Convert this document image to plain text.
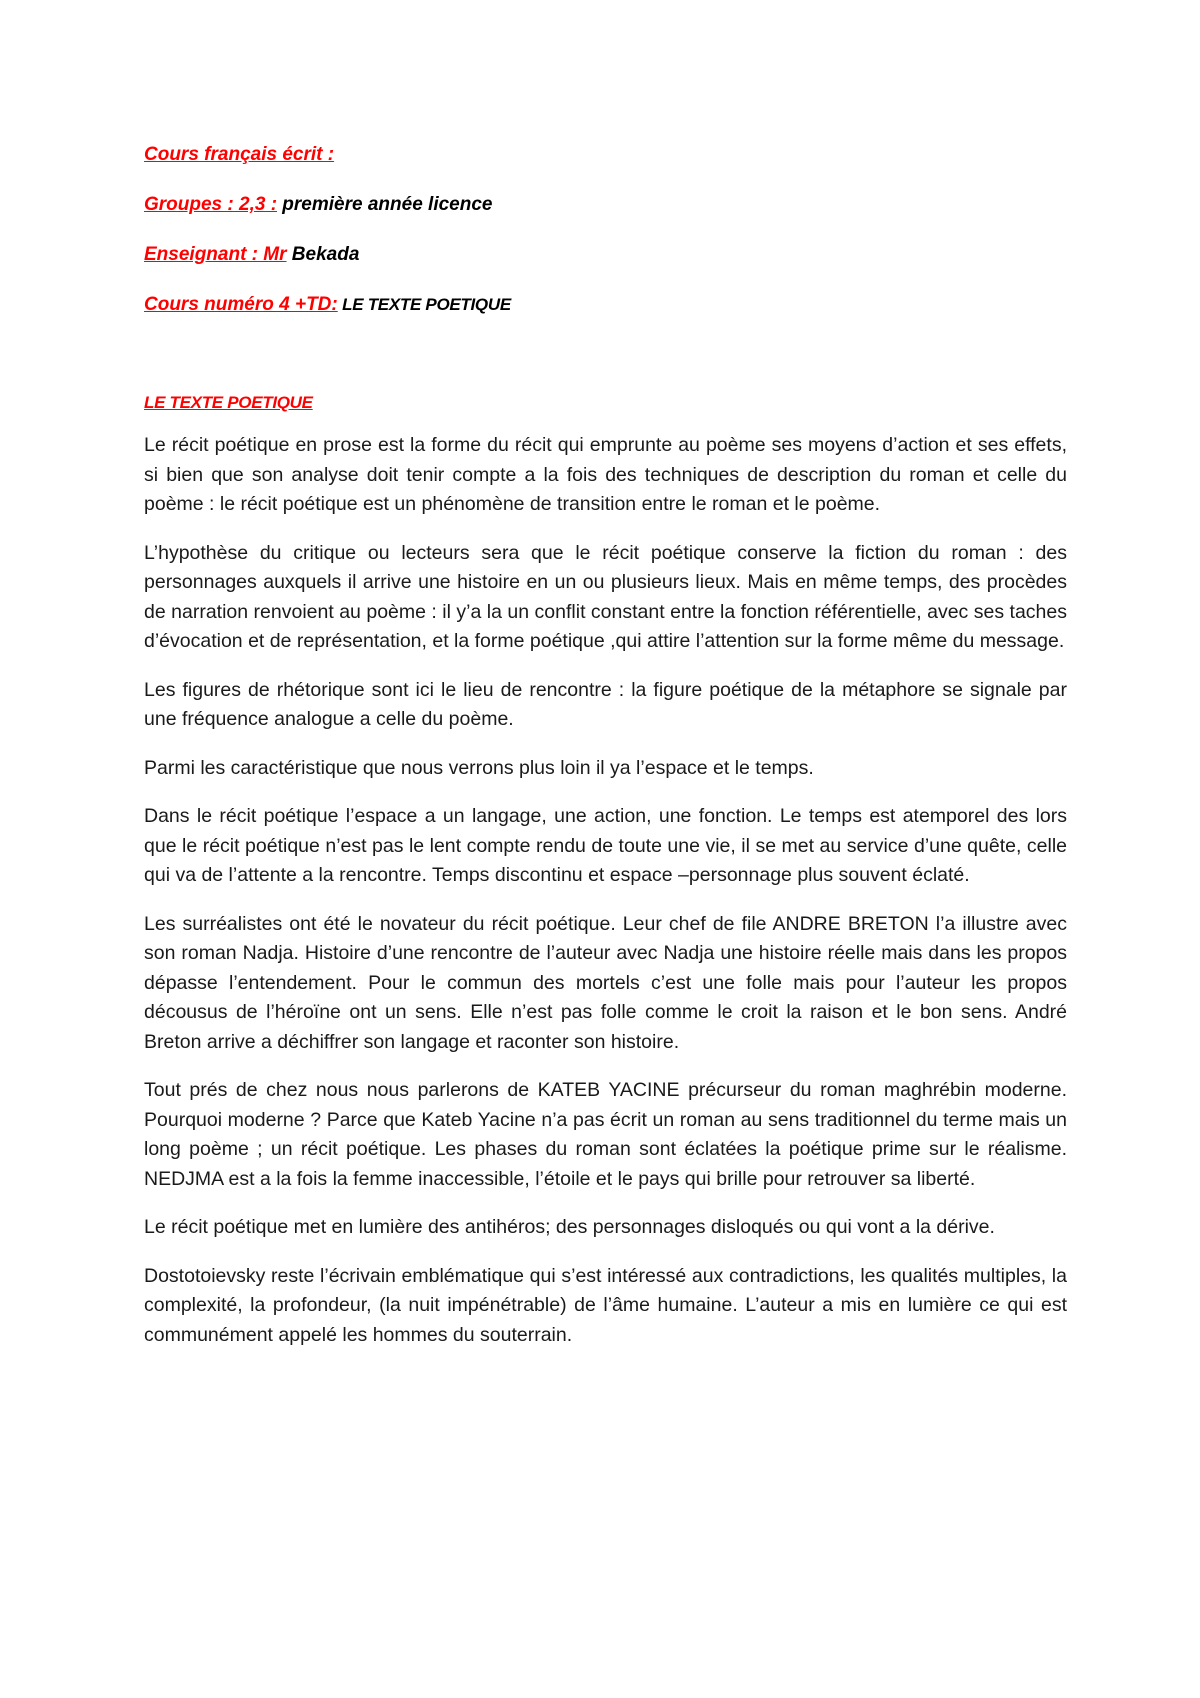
Cours français écrit :
Groupes : 2,3 : première année licence
Enseignant : Mr Bekada
Cours numéro 4 +TD: LE TEXTE POETIQUE
LE TEXTE POETIQUE

Le récit poétique en prose est la forme du récit qui emprunte au poème ses moyens d’action et ses effets, si bien que son analyse doit tenir compte a la fois des techniques de description du roman et celle du poème : le récit poétique est un phénomène de transition entre le roman et le poème.

L’hypothèse du critique ou lecteurs sera que le récit poétique conserve la fiction du roman : des personnages auxquels il arrive une histoire en un ou plusieurs lieux. Mais en même temps, des procèdes de narration renvoient au poème : il y’a la un conflit constant entre la fonction référentielle, avec ses taches d’évocation et de représentation, et la forme poétique ,qui attire l’attention sur la forme même du message.

Les figures de rhétorique sont ici le lieu de rencontre : la figure poétique de la métaphore se signale par une fréquence analogue a celle du poème.

Parmi les caractéristique que nous verrons plus loin il ya l’espace et le temps.

Dans le récit poétique l’espace a un langage, une action, une fonction. Le temps est atemporel des lors que le récit poétique n’est pas le lent compte rendu de toute une vie, il se met au service d’une quête, celle qui va de l’attente a la rencontre. Temps discontinu et espace –personnage plus souvent éclaté.

Les surréalistes ont été le novateur du récit poétique. Leur chef de file ANDRE BRETON l’a illustre avec son roman Nadja. Histoire d’une rencontre de l’auteur avec Nadja une histoire réelle mais dans les propos dépasse l’entendement. Pour le commun des mortels c’est une folle mais pour l’auteur les propos décousus de l’héroïne ont un sens. Elle n’est pas folle comme le croit la raison et le bon sens. André Breton arrive a déchiffrer son langage et raconter son histoire.

Tout prés de chez nous nous parlerons de KATEB YACINE précurseur du roman maghrébin moderne. Pourquoi moderne ? Parce que Kateb Yacine n’a pas écrit un roman au sens traditionnel du terme mais un long poème ; un récit poétique. Les phases du roman sont éclatées la poétique prime sur le réalisme. NEDJMA est a la fois la femme inaccessible, l’étoile et le pays qui brille pour retrouver sa liberté.

Le récit poétique met en lumière des antihéros; des personnages disloqués ou qui vont a la dérive.

Dostotoievsky reste l’écrivain emblématique qui s’est intéressé aux contradictions, les qualités multiples, la complexité, la profondeur, (la nuit impénétrable) de l’âme humaine. L’auteur a mis en lumière ce qui est communément appelé les hommes du souterrain.
